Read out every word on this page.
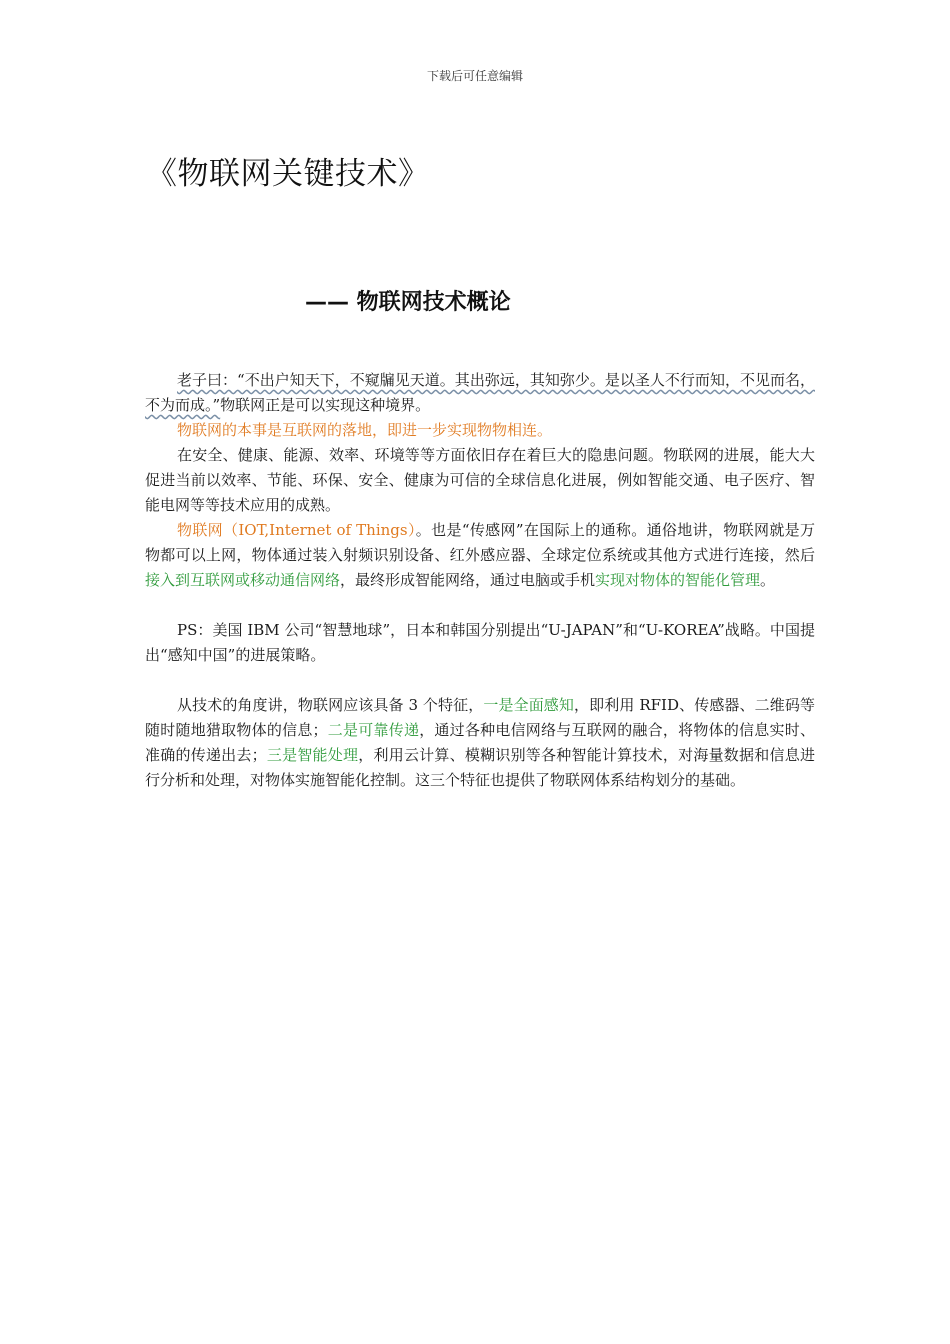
下载后可任意编辑
《物联网关键技术》
—— 物联网技术概论

老子曰：“不出户知天下，不窥牖见天道。其出弥远，其知弥少。是以圣人不行而知，不见而名，不为而成。”物联网正是可以实现这种境界。

物联网的本事是互联网的落地，即进一步实现物物相连。

在安全、健康、能源、效率、环境等等方面依旧存在着巨大的隐患问题。物联网的进展，能大大促进当前以效率、节能、环保、安全、健康为可信的全球信息化进展，例如智能交通、电子医疗、智能电网等等技术应用的成熟。

物联网（IOT,Internet of Things）。也是“传感网”在国际上的通称。通俗地讲，物联网就是万物都可以上网，物体通过装入射频识别设备、红外感应器、全球定位系统或其他方式进行连接，然后接入到互联网或移动通信网络，最终形成智能网络，通过电脑或手机实现对物体的智能化管理。

PS：美国 IBM 公司“智慧地球”，日本和韩国分别提出“U-JAPAN”和“U-KOREA”战略。中国提出“感知中国”的进展策略。

从技术的角度讲，物联网应该具备 3 个特征，一是全面感知，即利用 RFID、传感器、二维码等随时随地猎取物体的信息；二是可靠传递，通过各种电信网络与互联网的融合，将物体的信息实时、准确的传递出去；三是智能处理，利用云计算、模糊识别等各种智能计算技术，对海量数据和信息进行分析和处理，对物体实施智能化控制。这三个特征也提供了物联网体系结构划分的基础。
